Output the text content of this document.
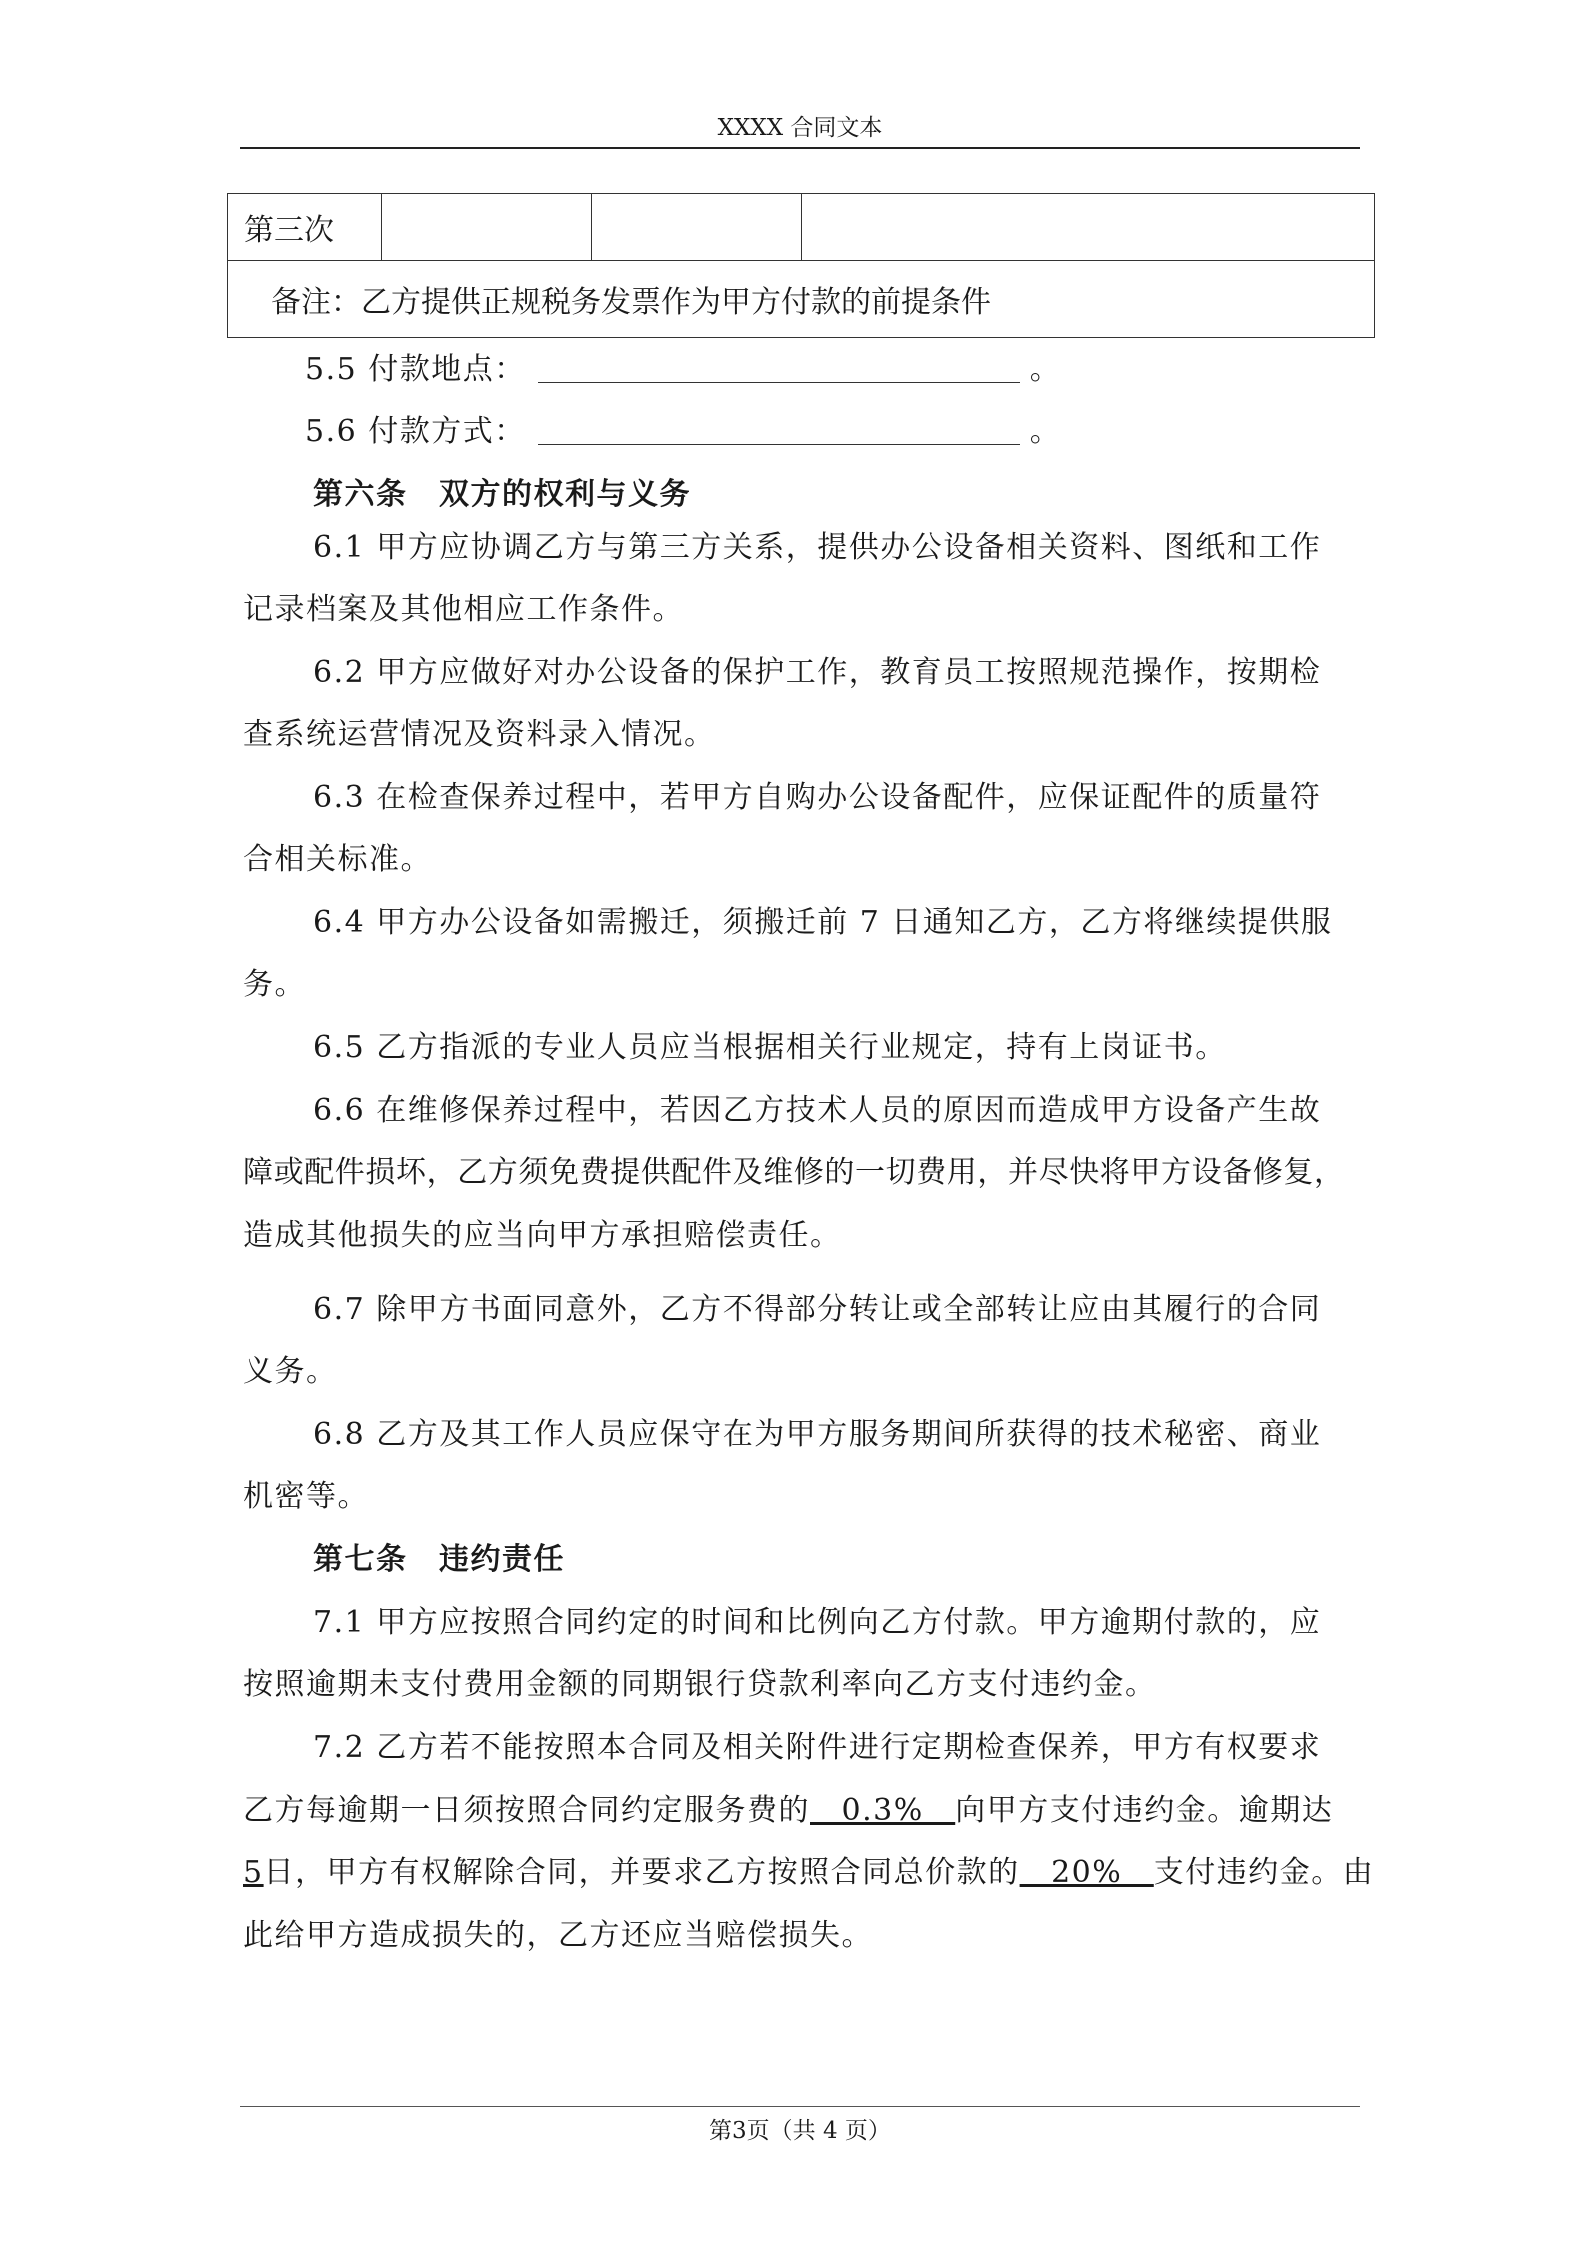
XXXX 合同文本
第三次			
备注：乙方提供正规税务发票作为甲方付款的前提条件
5.5 付款地点：	。
5.6 付款方式：	。
第六条　双方的权利与义务
6.1 甲方应协调乙方与第三方关系，提供办公设备相关资料、图纸和工作
记录档案及其他相应工作条件。
6.2 甲方应做好对办公设备的保护工作，教育员工按照规范操作，按期检
查系统运营情况及资料录入情况。
6.3 在检查保养过程中，若甲方自购办公设备配件，应保证配件的质量符
合相关标准。
6.4 甲方办公设备如需搬迁，须搬迁前 7 日通知乙方，乙方将继续提供服
务。
6.5 乙方指派的专业人员应当根据相关行业规定，持有上岗证书。
6.6 在维修保养过程中，若因乙方技术人员的原因而造成甲方设备产生故
障或配件损坏，乙方须免费提供配件及维修的一切费用，并尽快将甲方设备修复，
造成其他损失的应当向甲方承担赔偿责任。
6.7 除甲方书面同意外，乙方不得部分转让或全部转让应由其履行的合同
义务。
6.8 乙方及其工作人员应保守在为甲方服务期间所获得的技术秘密、商业
机密等。
第七条　违约责任
7.1 甲方应按照合同约定的时间和比例向乙方付款。甲方逾期付款的，应
按照逾期未支付费用金额的同期银行贷款利率向乙方支付违约金。
7.2 乙方若不能按照本合同及相关附件进行定期检查保养，甲方有权要求
乙方每逾期一日须按照合同约定服务费的　0.3%　向甲方支付违约金。逾期达
5日，甲方有权解除合同，并要求乙方按照合同总价款的　20%　支付违约金。由
此给甲方造成损失的，乙方还应当赔偿损失。
第3页（共 4 页）
